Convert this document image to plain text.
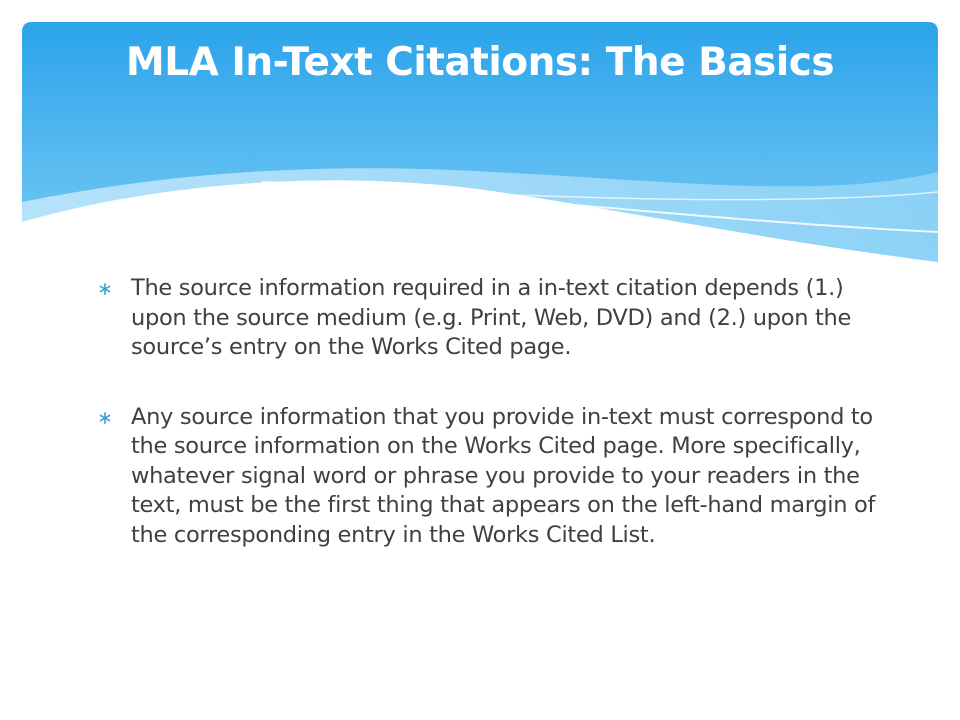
MLA In-Text Citations: The Basics
The source information required in a in-text citation depends (1.) upon the source medium (e.g. Print, Web, DVD) and (2.) upon the source’s entry on the Works Cited page.
Any source information that you provide in-text must correspond to the source information on the Works Cited page. More specifically, whatever signal word or phrase you provide to your readers in the text, must be the first thing that appears on the left-hand margin of the corresponding entry in the Works Cited List.
